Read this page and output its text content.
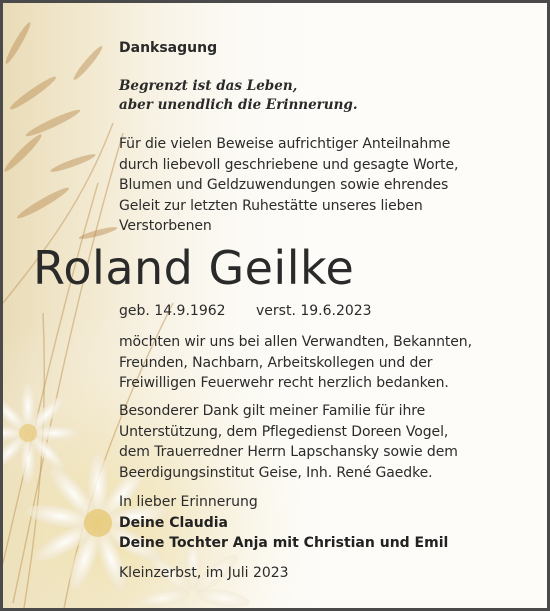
Danksagung
Begrenzt ist das Leben,
aber unendlich die Erinnerung.
Für die vielen Beweise aufrichtiger Anteilnahme
durch liebevoll geschriebene und gesagte Worte,
Blumen und Geldzuwendungen sowie ehrendes
Geleit zur letzten Ruhestätte unseres lieben
Verstorbenen
Roland Geilke
geb. 14.9.1962 verst. 19.6.2023
möchten wir uns bei allen Verwandten, Bekannten,
Freunden, Nachbarn, Arbeitskollegen und der
Freiwilligen Feuerwehr recht herzlich bedanken.
Besonderer Dank gilt meiner Familie für ihre
Unterstützung, dem Pflegedienst Doreen Vogel,
dem Trauerredner Herrn Lapschansky sowie dem
Beerdigungsinstitut Geise, Inh. René Gaedke.
In lieber Erinnerung
Deine Claudia
Deine Tochter Anja mit Christian und Emil
Kleinzerbst, im Juli 2023
